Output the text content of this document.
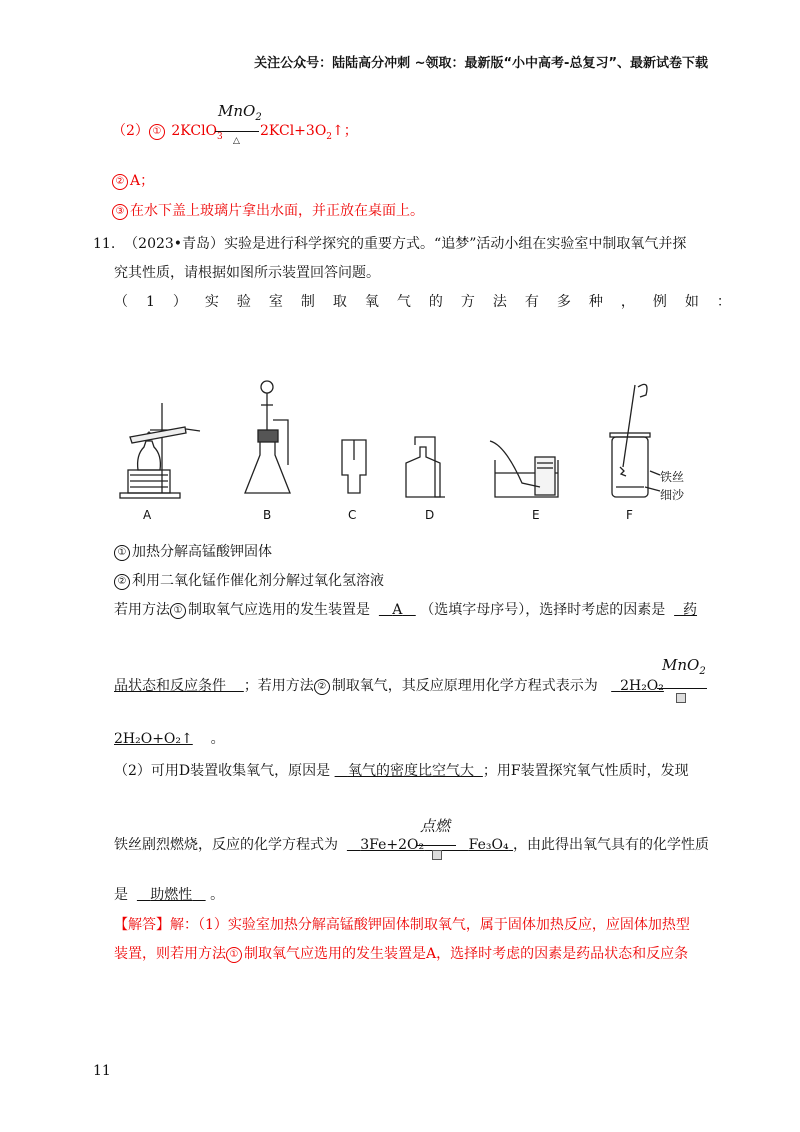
关注公众号：陆陆高分冲刺 ~领取：最新版“小中高考-总复习”、最新试卷下载
（2） ① 2KClO$_3$
MnO$_2$
△
$2KCl+3O_2↑$；
② A；
③ 在水下盖上玻璃片拿出水面，并正放在桌面上。
11. （2023•青岛）实验是进行科学探究的重要方式。“追梦”活动小组在实验室中制取氧气并探
究其性质，请根据如图所示装置回答问题。
（1）实验室制取氧气的方法有多种，例如：
铁丝
细沙
A	B	C	D	E	F
① 加热分解高锰酸钾固体
② 利用二氧化锰作催化剂分解过氧化氢溶液
若用方法 ① 制取氧气应选用的发生装置是 A （选填字母序号），选择时考虑的因素是 药
品状态和反应条件 ；若用方法 ② 制取氧气，其反应原理用化学方程式表示为 2H₂O₂
MnO$_2$
2H₂O+O₂↑ 。
（2）可用D装置收集氧气，原因是 氧气的密度比空气大 ；用F装置探究氧气性质时，发现
铁丝剧烈燃烧，反应的化学方程式为 3Fe+2O₂	Fe₃O₄ ，由此得出氧气具有的化学性质
点燃
是 助燃性 。
【解答】解：（1）实验室加热分解高锰酸钾固体制取氧气，属于固体加热反应，应固体加热型
装置，则若用方法 ① 制取氧气应选用的发生装置是A，选择时考虑的因素是药品状态和反应条
11
